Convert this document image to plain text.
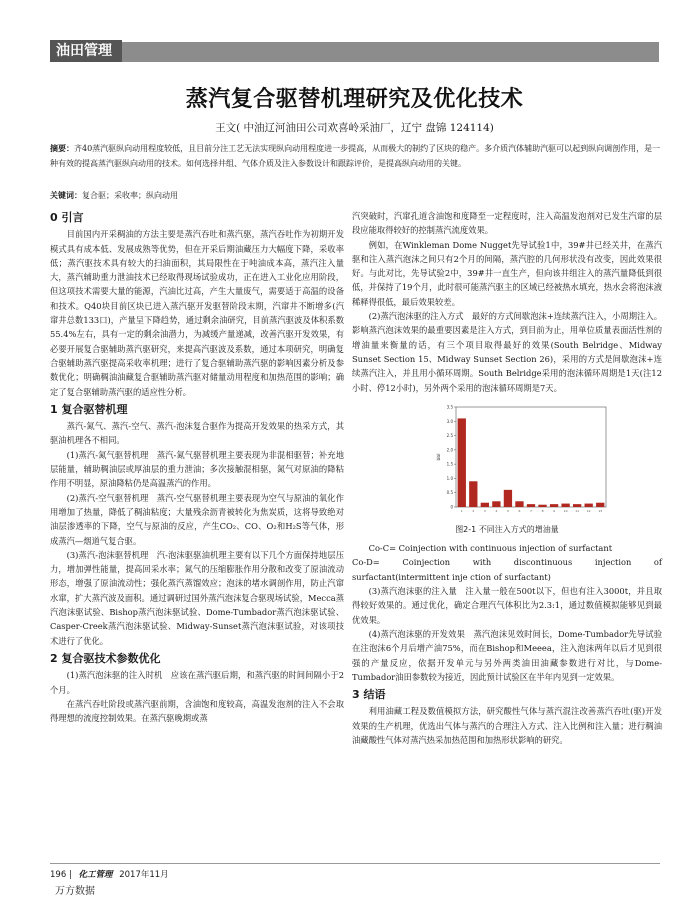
油田管理
蒸汽复合驱替机理研究及优化技术
王文( 中油辽河油田公司欢喜岭采油厂，辽宁 盘锦 124114)
摘要：齐40蒸汽驱纵向动用程度较低，且目前分注工艺无法实现纵向动用程度进一步提高，从而极大的制约了区块的稳产。多介质汽体辅助汽驱可以起到纵向调剖作用，是一种有效的提高蒸汽驱纵向动用的技术。如何选择井组、气体介质及注入参数设计和跟踪评价，是提高纵向动用的关键。
关键词：复合驱；采收率；纵向动用
0 引言

目前国内开采稠油的方法主要是蒸汽吞吐和蒸汽驱，蒸汽吞吐作为初期开发模式具有成本低、发展成熟等优势，但在开采后期油藏压力大幅度下降，采收率低；蒸汽驱技术具有较大的扫油面积，其局限性在于吨油成本高，蒸汽注入量大，蒸汽辅助重力泄油技术已经取得现场试验成功，正在进入工业化应用阶段，但这项技术需要大量的能源，汽油比过高，产生大量废气，需要适于高温的设备和技术。Q40块目前区块已进入蒸汽驱开发驱替阶段末期，汽窜井不断增多(汽窜井总数133口)，产量呈下降趋势，通过剩余油研究，目前蒸汽驱波及体积系数55.4%左右，具有一定的剩余油潜力，为减缓产量递减，改善汽驱开发效果，有必要开展复合驱辅助蒸汽驱研究，来提高汽驱波及系数，通过本项研究，明确复合驱辅助蒸汽驱提高采收率机理；进行了复合驱辅助蒸汽驱的影响因素分析及参数优化；明确稠油油藏复合驱辅助蒸汽驱对储量动用程度和加热范围的影响；确定了复合驱辅助蒸汽驱的适应性分析。

1 复合驱替机理

蒸汽-氮气、蒸汽-空气、蒸汽-泡沫复合驱作为提高开发效果的热采方式，其驱油机理各不相同。

(1)蒸汽-氮气驱替机理　蒸汽-氮气驱替机理主要表现为非混相驱替；补充地层能量，辅助稠油层或厚油层的重力泄油；多次接触混相驱，氮气对原油的降粘作用不明显，原油降粘仍是高温蒸汽的作用。

(2)蒸汽-空气驱替机理　蒸汽-空气驱替机理主要表现为空气与原油的氧化作用增加了热量，降低了稠油粘度；大量残余沥青被转化为焦炭质，这将导致绝对油层渗透率的下降，空气与原油的反应，产生CO₂、CO、O₂和H₂S等气体，形成蒸汽—烟道气复合驱。

(3)蒸汽-泡沫驱替机理　汽-泡沫驱驱油机理主要有以下几个方面保持地层压力，增加弹性能量，提高回采水率；氮气的压缩膨胀作用分散和改变了原油流动形态，增强了原油流动性；强化蒸汽蒸馏效应；泡沫的堵水调剖作用，防止汽窜水窜，扩大蒸汽波及面积。通过调研过国外蒸汽泡沫复合驱现场试验，Mecca蒸汽泡沫驱试验、Bishop蒸汽泡沫驱试验、Dome-Tumbador蒸汽泡沫驱试验、Casper-Creek蒸汽泡沫驱试验、Midway-Sunset蒸汽泡沫驱试验，对该项技术进行了优化。

2 复合驱技术参数优化

(1)蒸汽泡沫驱的注入时机　应该在蒸汽驱后期，和蒸汽驱的时间间隔小于2个月。

在蒸汽吞吐阶段或蒸汽驱前期，含油饱和度较高，高温发泡剂的注入不会取得理想的流度控制效果。在蒸汽驱晚期或蒸

汽突破时，汽窜孔道含油饱和度降至一定程度时，注入高温发泡剂对已发生汽窜的层段应能取得较好的控制蒸汽流度效果。

例如，在Winkleman Dome Nugget先导试验1中，39#井已经关井，在蒸汽驱和注入蒸汽泡沫之间只有2个月的间隔，蒸汽腔的几何形状没有改变，因此效果很好。与此对比，先导试验2中，39#井一直生产，但向该井组注入的蒸汽量降低到很低，并保持了19个月，此时很可能蒸汽驱主的区域已经被热水填充，热水会将泡沫液稀释得很低，最后效果较差。

(2)蒸汽泡沫驱的注入方式　最好的方式间歇泡沫+连续蒸汽注入，小周期注入。影响蒸汽泡沫效果的最重要因素是注入方式，到目前为止，用单位质量表面活性剂的增油量来衡量的话，有三个项目取得最好的效果(South Belridge、Midway Sunset Section 15、Midway Sunset Section 26)，采用的方式是间歇泡沫+连续蒸汽注入，并且用小循环周期。South Belridge采用的泡沫循环周期是1天(注12小时、停12小时)，另外两个采用的泡沫循环周期是7天。

0
0.5
1.0
1.5
2.0
2.5
3.0
3.5
bbl
1	2	3	4	5	6	7	8	9	10	11	12	13
图2-1 不同注入方式的增油量

Co-C= Coinjection with continuous injection of surfactant

Co-D= Coinjection with discontinuous injection of surfactant(intermittent inje ction of surfactant)

(3)蒸汽泡沫驱的注入量　注入量一般在500t以下，但也有注入3000t，并且取得较好效果的。通过优化，确定合理汽气体积比为2.3:1，通过数值模拟能够见到最优效果。

(4)蒸汽泡沫驱的开发效果　蒸汽泡沫见效时间长，Dome-Tumbador先导试验在注泡沫6个月后增产油75%，而在Bishop和Meeea，注入泡沫两年以后才见到很强的产量反应，依据开发单元与另外两类油田油藏参数进行对比，与Dome-Tumbador油田参数较为接近，因此预计试验区在半年内见到一定效果。

3 结语

利用油藏工程及数值模拟方法，研究酸性气体与蒸汽混注改善蒸汽吞吐(驱)开发效果的生产机理，优选出气体与蒸汽的合理注入方式、注入比例和注入量；进行稠油油藏酸性气体对蒸汽热采加热范围和加热形状影响的研究。

196 | 化工管理 2017年11月
万方数据
